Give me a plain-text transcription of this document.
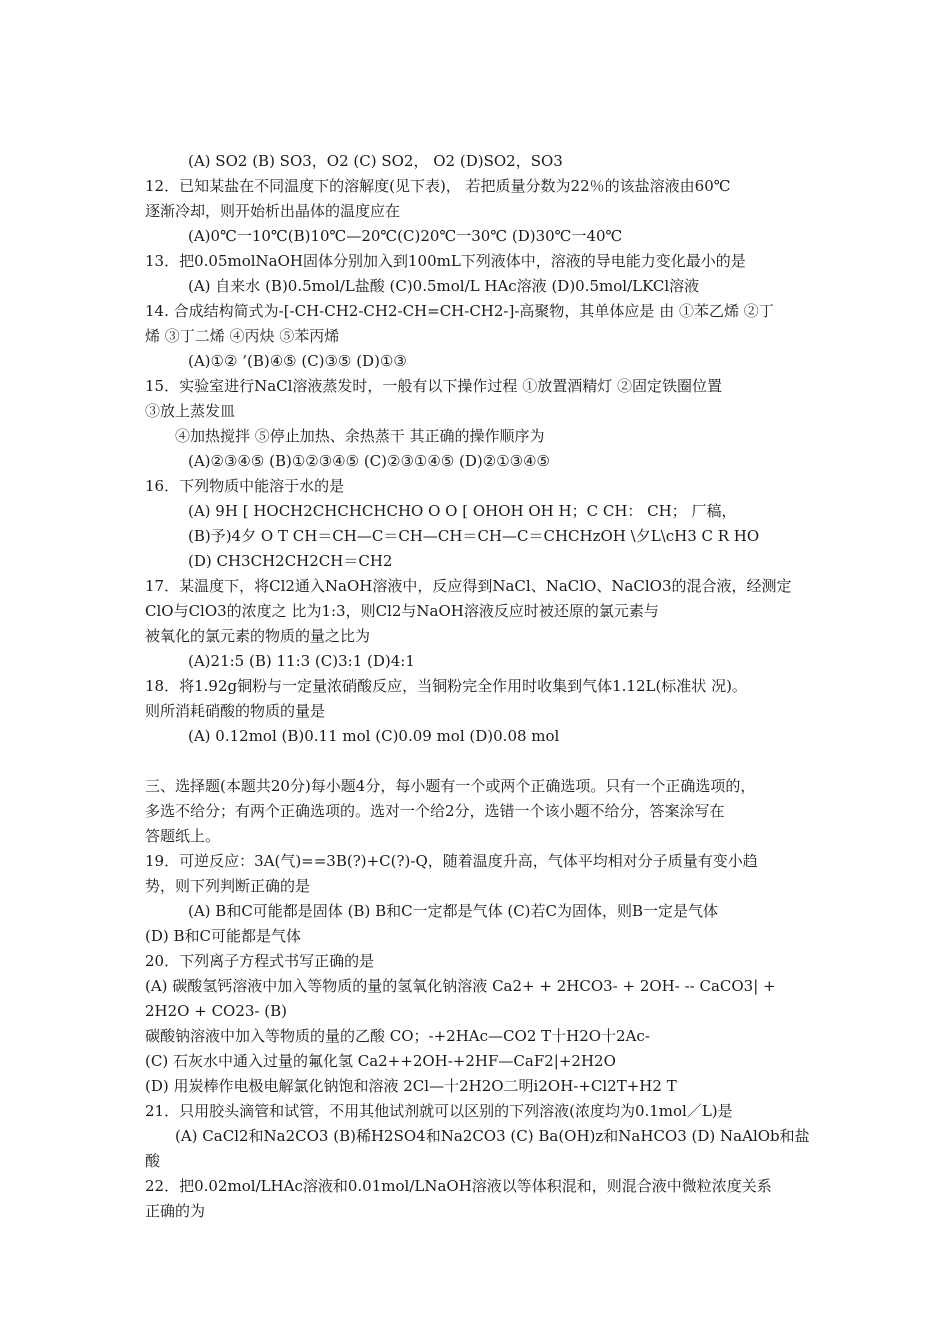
(A) SO2 (B) SO3，O2 (C) SO2， O2 (D)SO2，SO3
12．已知某盐在不同温度下的溶解度(见下表)， 若把质量分数为22％的该盐溶液由60℃
逐渐冷却，则开始析出晶体的温度应在
(A)0℃一10℃(B)10℃—20℃(C)20℃一30℃ (D)30℃一40℃
13．把0.05molNaOH固体分别加入到100mL下列液体中，溶液的导电能力变化最小的是
(A) 自来水 (B)0.5mol/L盐酸 (C)0.5mol/L HAc溶液 (D)0.5mol/LKCl溶液
14. 合成结构简式为-[-CH-CH2-CH2-CH=CH-CH2-]-高聚物，其单体应是 由 ①苯乙烯 ②丁
烯 ③丁二烯 ④丙炔 ⑤苯丙烯
(A)①② ’(B)④⑤ (C)③⑤ (D)①③
15．实验室进行NaCl溶液蒸发时，一般有以下操作过程 ①放置酒精灯 ②固定铁圈位置
③放上蒸发皿
④加热搅拌 ⑤停止加热、余热蒸干 其正确的操作顺序为
(A)②③④⑤ (B)①②③④⑤ (C)②③①④⑤ (D)②①③④⑤
16．下列物质中能溶于水的是
(A) 9H [ HOCH2CHCHCHCHO O O [ OHOH OH H；C CH： CH； 厂稿，
(B)予)4夕 O T CH＝CH—C＝CH—CH＝CH—C＝CHCHzOH \夕L\cH3 C R HO
(D) CH3CH2CH2CH＝CH2
17．某温度下，将Cl2通入NaOH溶液中，反应得到NaCl、NaClO、NaClO3的混合液，经测定
ClO与ClO3的浓度之 比为1:3，则Cl2与NaOH溶液反应时被还原的氯元素与
被氧化的氯元素的物质的量之比为
(A)21:5 (B) 11:3 (C)3:1 (D)4:1
18．将1.92g铜粉与一定量浓硝酸反应，当铜粉完全作用时收集到气体1.12L(标准状 况)。
则所消耗硝酸的物质的量是
(A) 0.12mol (B)0.11 mol (C)0.09 mol (D)0.08 mol
三、选择题(本题共20分)每小题4分，每小题有一个或两个正确选项。只有一个正确选项的，
多选不给分；有两个正确选项的。选对一个给2分，选错一个该小题不给分，答案涂写在
答题纸上。
19．可逆反应：3A(气)==3B(?)+C(?)-Q，随着温度升高，气体平均相对分子质量有变小趋
势，则下列判断正确的是
(A) B和C可能都是固体 (B) B和C一定都是气体 (C)若C为固体，则B一定是气体
(D) B和C可能都是气体
20．下列离子方程式书写正确的是
(A) 碳酸氢钙溶液中加入等物质的量的氢氧化钠溶液 Ca2+ + 2HCO3- + 2OH- -- CaCO3| +
2H2O + CO23- (B)
碳酸钠溶液中加入等物质的量的乙酸 CO；-+2HAc—CO2 T十H2O十2Ac-
(C) 石灰水中通入过量的氟化氢 Ca2++2OH-+2HF—CaF2|+2H2O
(D) 用炭棒作电极电解氯化钠饱和溶液 2Cl—十2H2O二明i2OH-+Cl2T+H2 T
21．只用胶头滴管和试管，不用其他试剂就可以区别的下列溶液(浓度均为0.1mol／L)是
(A) CaCl2和Na2CO3 (B)稀H2SO4和Na2CO3 (C) Ba(OH)z和NaHCO3 (D) NaAlOb和盐
酸
22．把0.02mol/LHAc溶液和0.01mol/LNaOH溶液以等体积混和，则混合液中微粒浓度关系
正确的为
